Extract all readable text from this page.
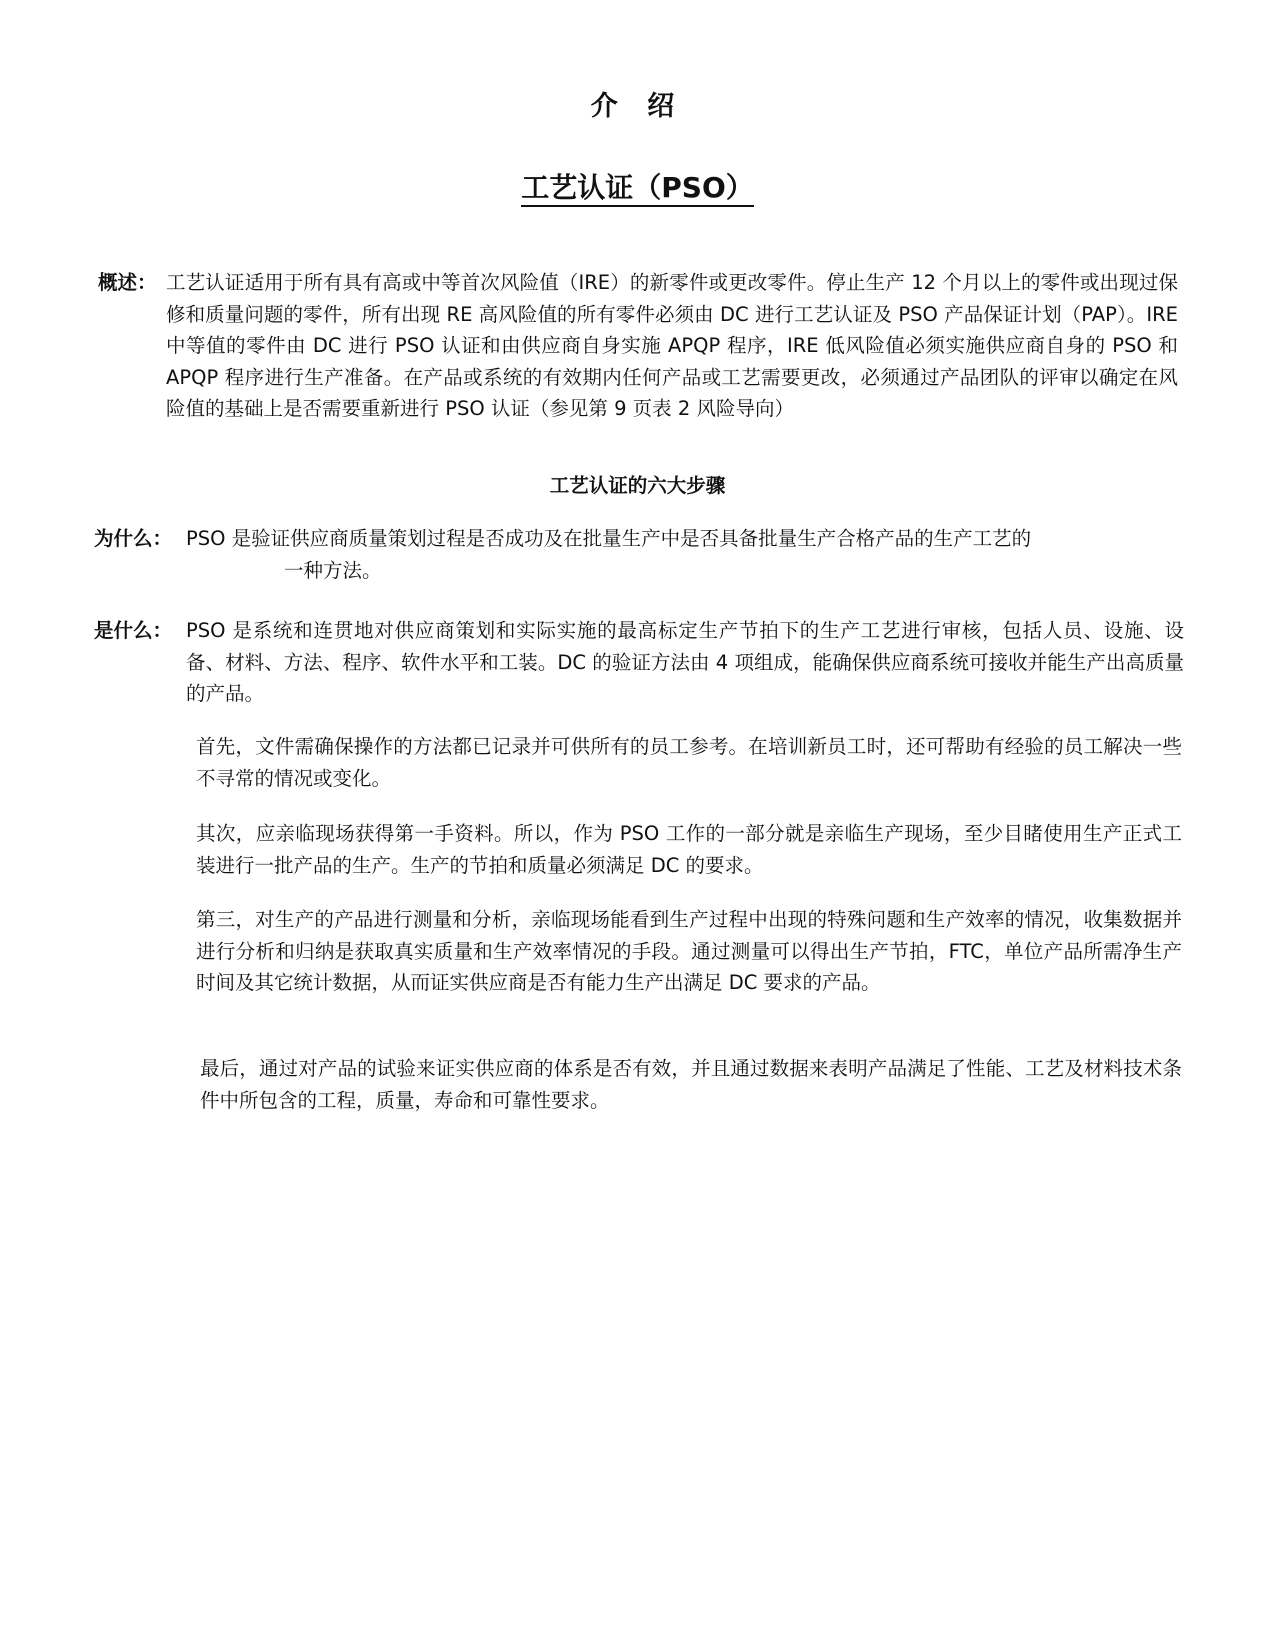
介 绍
工艺认证（PSO）
概述： 工艺认证适用于所有具有高或中等首次风险值（IRE）的新零件或更改零件。停止生产 12 个月以上的零件或出现过保修和质量问题的零件，所有出现 RE 高风险值的所有零件必须由 DC 进行工艺认证及 PSO 产品保证计划（PAP）。IRE 中等值的零件由 DC 进行 PSO 认证和由供应商自身实施 APQP 程序，IRE 低风险值必须实施供应商自身的 PSO 和 APQP 程序进行生产准备。在产品或系统的有效期内任何产品或工艺需要更改，必须通过产品团队的评审以确定在风险值的基础上是否需要重新进行 PSO 认证（参见第 9 页表 2 风险导向）
工艺认证的六大步骤
为什么： PSO 是验证供应商质量策划过程是否成功及在批量生产中是否具备批量生产合格产品的生产工艺的
一种方法。
是什么： PSO 是系统和连贯地对供应商策划和实际实施的最高标定生产节拍下的生产工艺进行审核，包括人员、设施、设备、材料、方法、程序、软件水平和工装。DC 的验证方法由 4 项组成，能确保供应商系统可接收并能生产出高质量的产品。
首先，文件需确保操作的方法都已记录并可供所有的员工参考。在培训新员工时，还可帮助有经验的员工解决一些不寻常的情况或变化。
其次，应亲临现场获得第一手资料。所以，作为 PSO 工作的一部分就是亲临生产现场，至少目睹使用生产正式工装进行一批产品的生产。生产的节拍和质量必须满足 DC 的要求。
第三，对生产的产品进行测量和分析，亲临现场能看到生产过程中出现的特殊问题和生产效率的情况，收集数据并进行分析和归纳是获取真实质量和生产效率情况的手段。通过测量可以得出生产节拍，FTC，单位产品所需净生产时间及其它统计数据，从而证实供应商是否有能力生产出满足 DC 要求的产品。
最后，通过对产品的试验来证实供应商的体系是否有效，并且通过数据来表明产品满足了性能、工艺及材料技术条件中所包含的工程，质量，寿命和可靠性要求。
